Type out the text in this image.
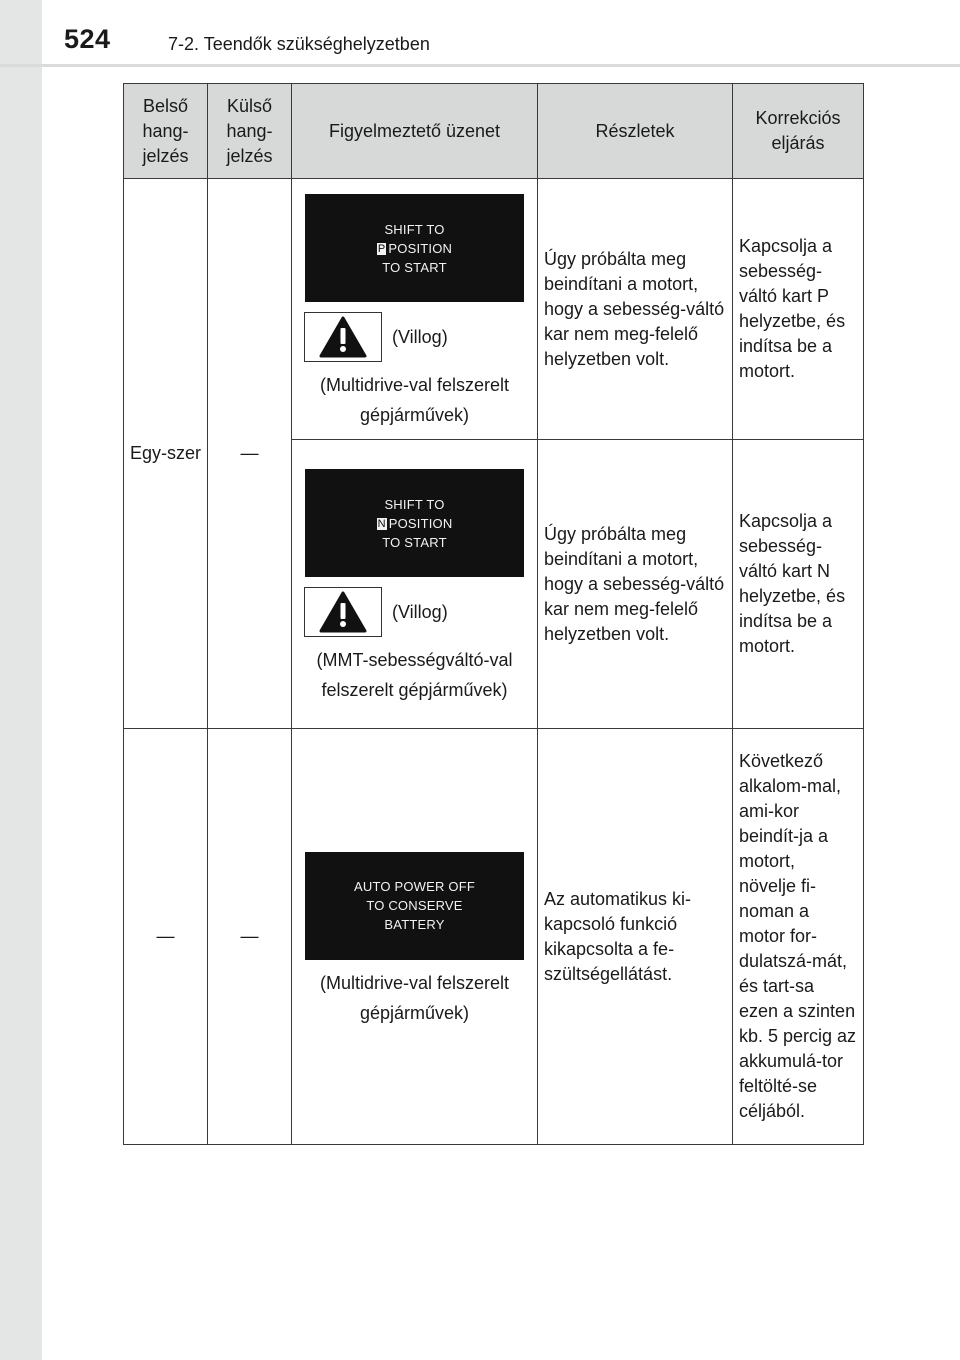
524	7-2. Teendők szükséghelyzetben
Belső hang-jelzés	Külső hang-jelzés	Figyelmeztető üzenet	Részletek	Korrekciós eljárás
Egy-szer	—	SHIFT TO
P POSITION
TO START
(Villog)
(Multidrive-val felszerelt gépjárművek)	Úgy próbálta meg beindítani a motort, hogy a sebesség-váltó kar nem meg-felelő helyzetben volt.	Kapcsolja a sebesség-váltó kart P helyzetbe, és indítsa be a motort.

		SHIFT TO
N POSITION
TO START
(Villog)
(MMT-sebességváltó-val felszerelt gépjárművek)	Úgy próbálta meg beindítani a motort, hogy a sebesség-váltó kar nem meg-felelő helyzetben volt.	Kapcsolja a sebesség-váltó kart N helyzetbe, és indítsa be a motort.
—	—	AUTO POWER OFF
TO CONSERVE
BATTERY
(Multidrive-val felszerelt gépjárművek)	Az automatikus ki-kapcsoló funkció kikapcsolta a fe-szültségellátást.	Következő alkalom-mal, ami-kor beindít-ja a motort, növelje fi-noman a motor for-dulatszá-mát, és tart-sa ezen a szinten kb. 5 percig az akkumulá-tor feltölté-se céljából.
